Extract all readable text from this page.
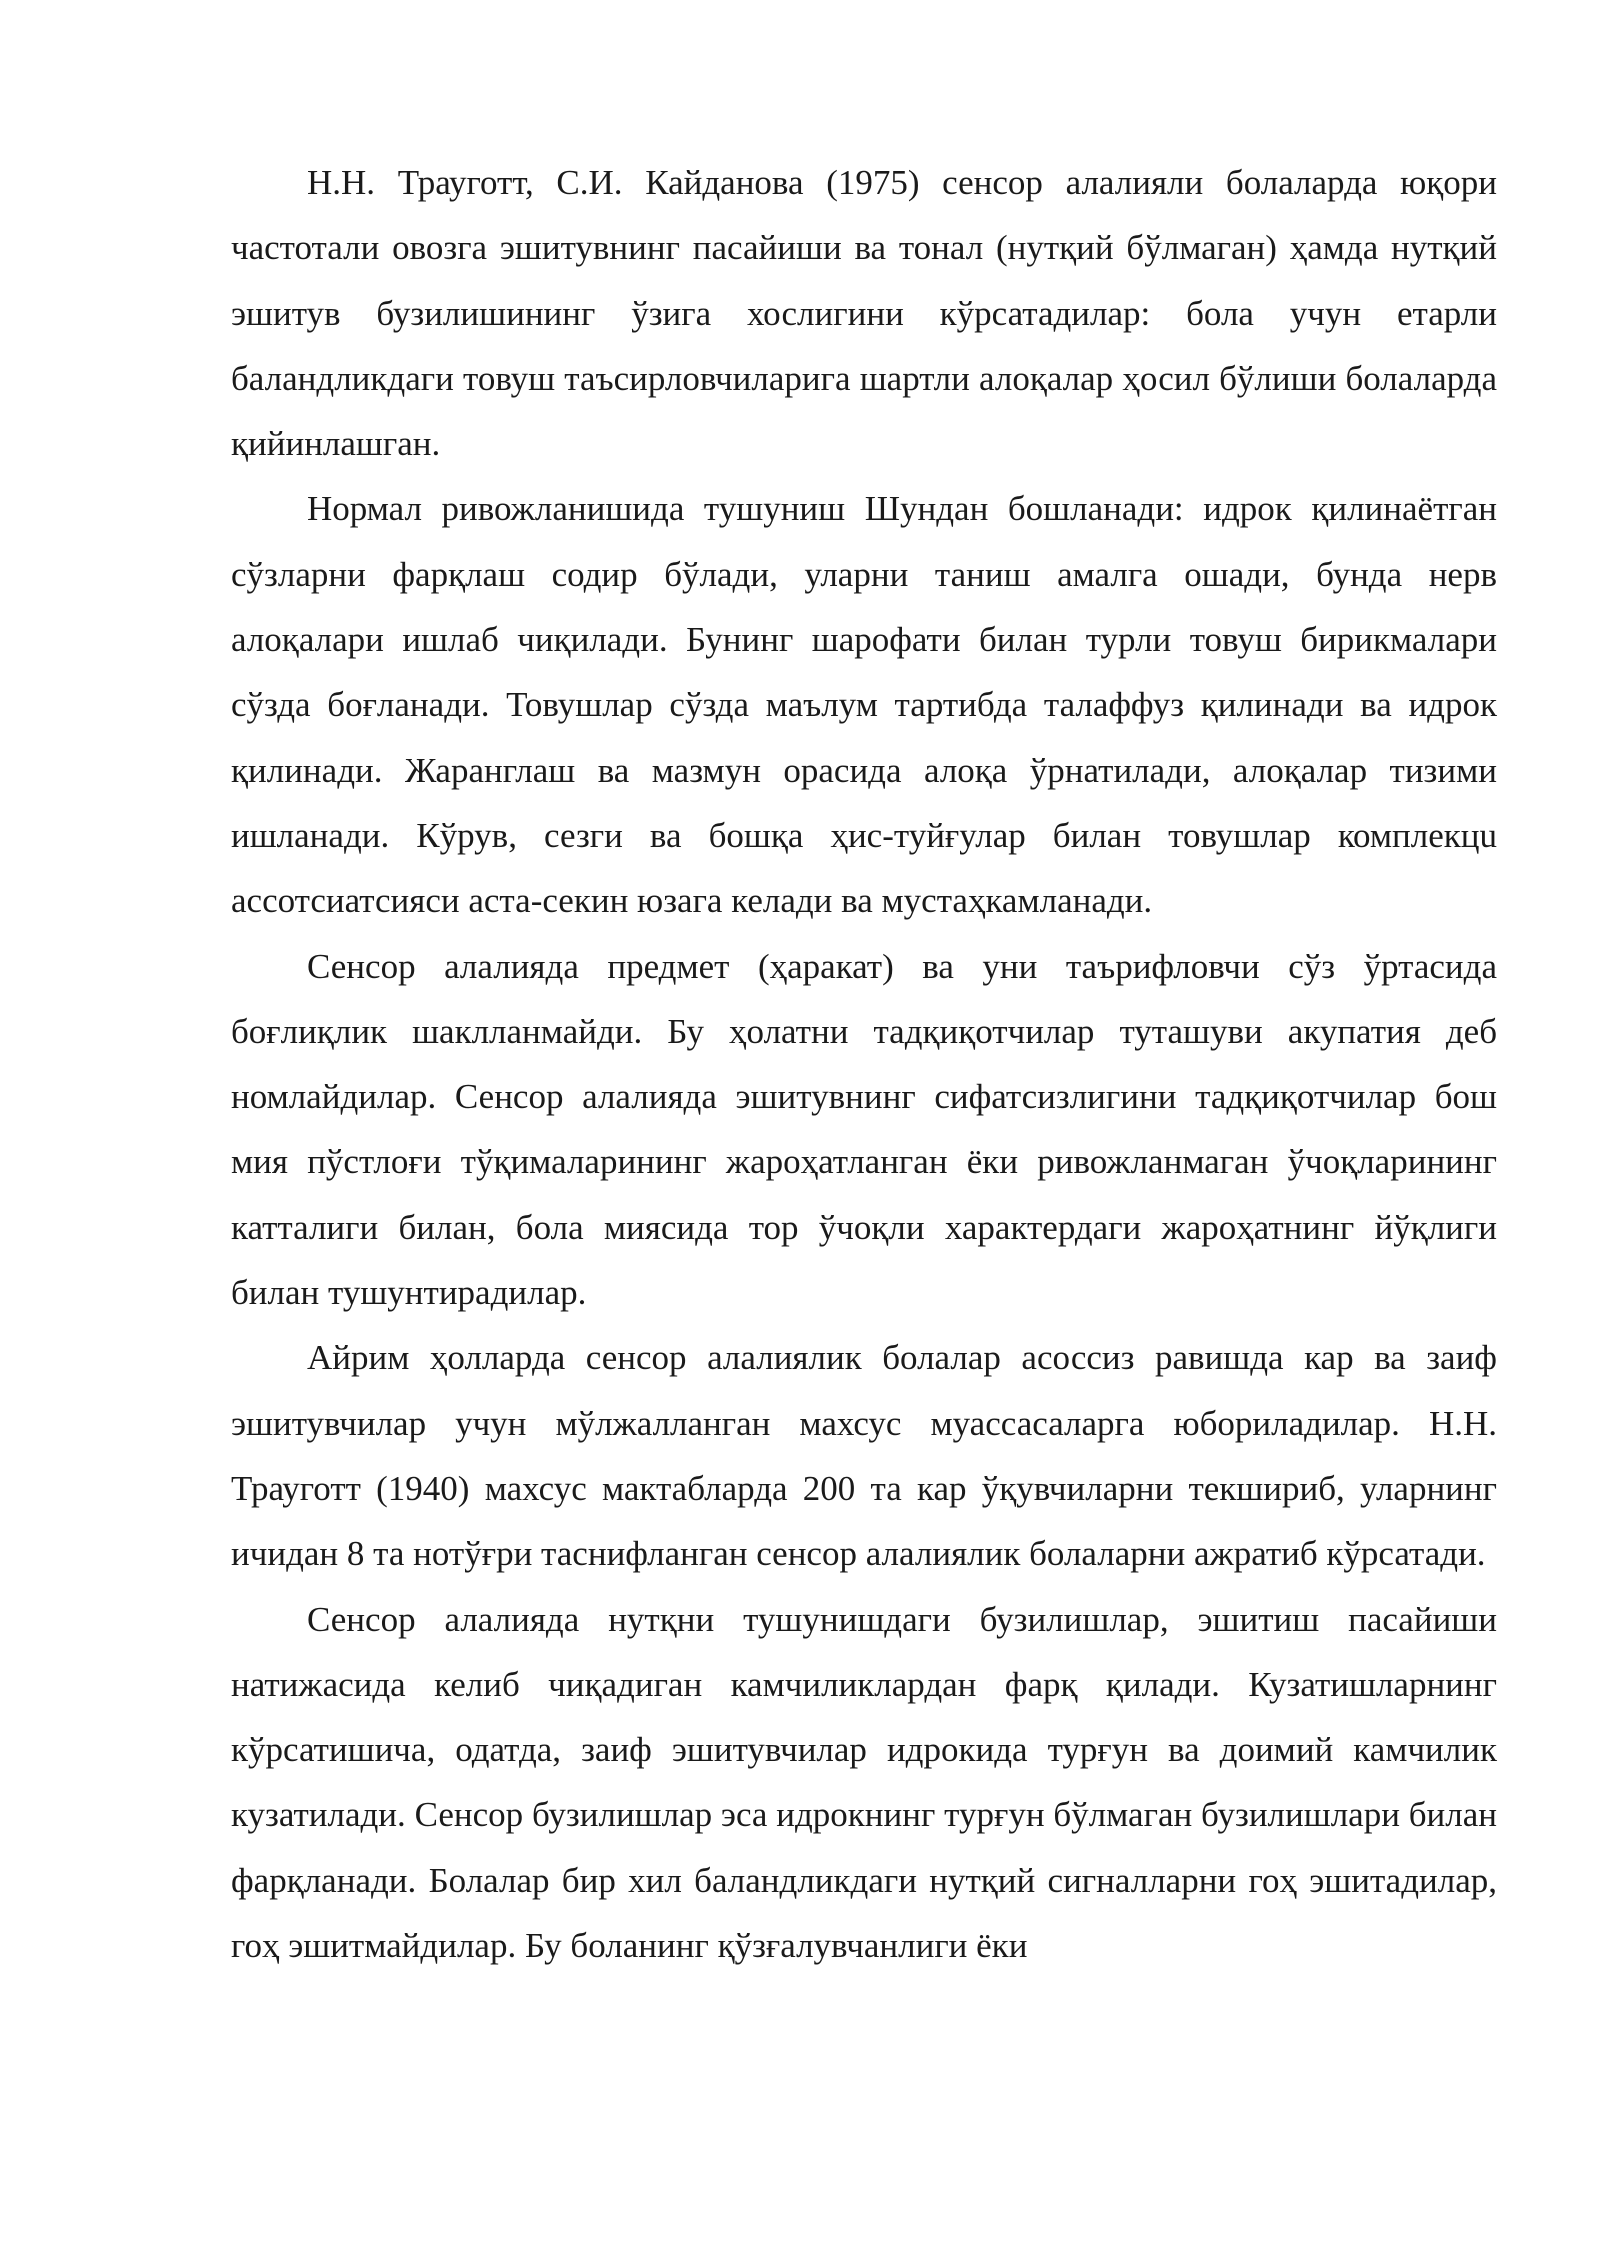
Н.Н. Трауготт, С.И. Кайданова (1975) сенсор алалияли болаларда юқори частотали овозга эшитувнинг пасайиши ва тонал (нутқий бўлмаган) ҳамда нутқий эшитув бузилишининг ўзига хослигини кўрсатадилар: бола учун етарли баландликдаги товуш таъсирловчиларига шартли алоқалар ҳосил бўлиши болаларда қийинлашган.

Нормал ривожланишида тушуниш Шундан бошланади: идрок қилинаётган сўзларни фарқлаш содир бўлади, уларни таниш амалга ошади, бунда нерв алоқалари ишлаб чиқилади. Бунинг шарофати билан турли товуш бирикмалари сўзда боғланади. Товушлар сўзда маълум тартибда талаффуз қилинади ва идрок қилинади. Жаранглаш ва мазмун орасида алоқа ўрнатилади, алоқалар тизими ишланади. Кўрув, сезги ва бошқа ҳис-туйғулар билан товушлар комплекцu ассотсиатсияси аста-секин юзага келади ва мустаҳкамланади.

Сенсор алалияда предмет (ҳаракат) ва уни таърифловчи сўз ўртасида боғлиқлик шаклланмайди. Бу ҳолатни тадқиқотчилар туташуви акупатия деб номлайдилар. Сенсор алалияда эшитувнинг сифатсизлигини тадқиқотчилар бош мия пўстлоғи тўқималарининг жароҳатланган ёки ривожланмаган ўчоқларининг катталиги билан, бола миясида тор ўчоқли характердаги жароҳатнинг йўқлиги билан тушунтирадилар.

Айрим ҳолларда сенсор алалиялик болалар асоссиз равишда кар ва заиф эшитувчилар учун мўлжалланган махсус муассасаларга юбориладилар. Н.Н. Трауготт (1940) махсус мактабларда 200 та кар ўқувчиларни текшириб, уларнинг ичидан 8 та нотўғри таснифланган сенсор алалиялик болаларни ажратиб кўрсатади.

Сенсор алалияда нутқни тушунишдаги бузилишлар, эшитиш пасайиши натижасида келиб чиқадиган камчиликлардан фарқ қилади. Кузатишларнинг кўрсатишича, одатда, заиф эшитувчилар идрокида турғун ва доимий камчилик кузатилади. Сенсор бузилишлар эса идрокнинг турғун бўлмаган бузилишлари билан фарқланади. Болалар бир хил баландликдаги нутқий сигналларни гоҳ эшитадилар, гоҳ эшитмайдилар. Бу боланинг қўзғалувчанлиги ёки
